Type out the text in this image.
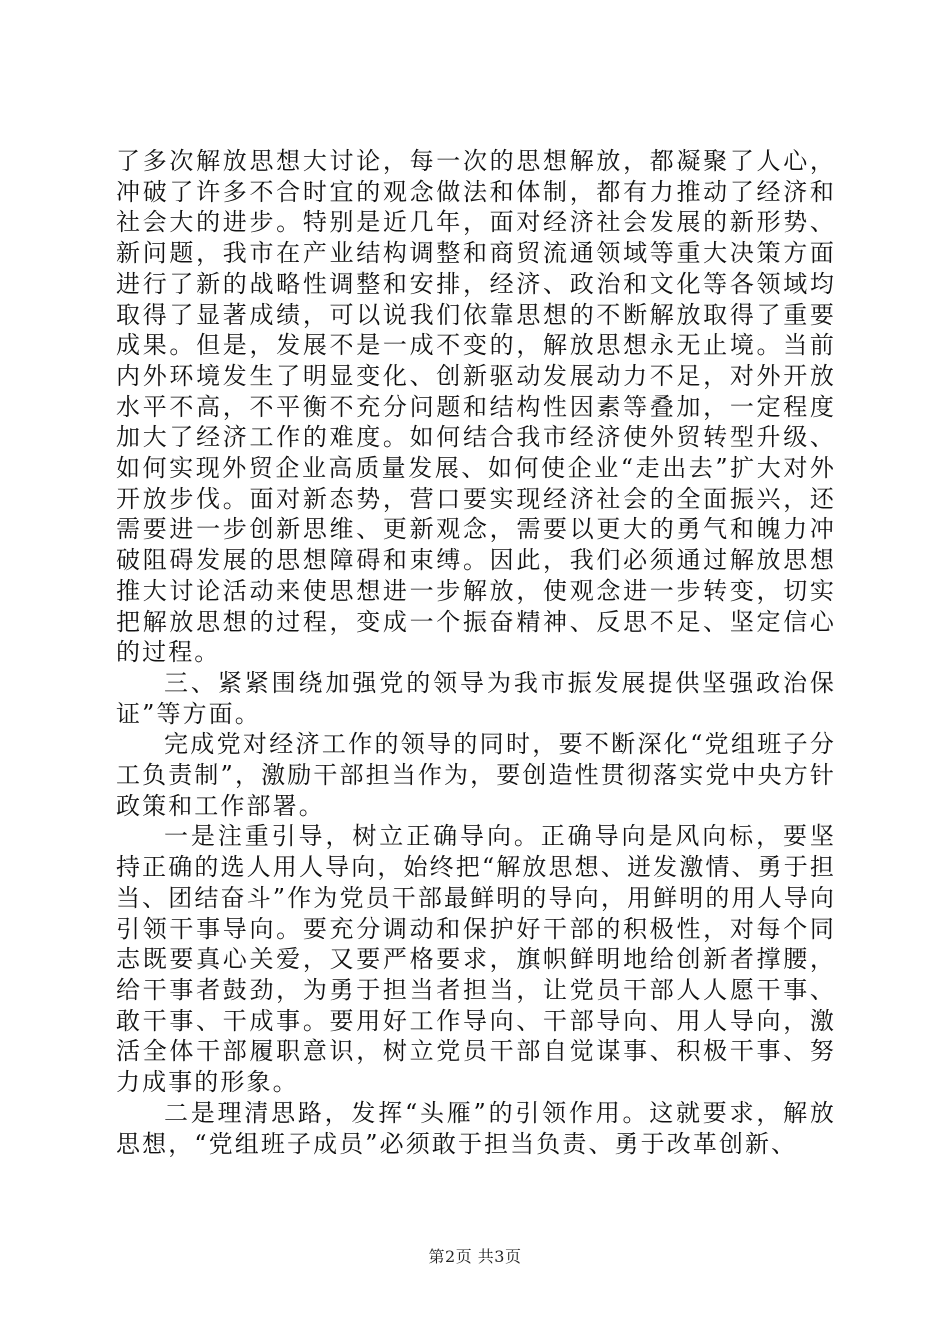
了多次解放思想大讨论，每一次的思想解放，都凝聚了人心，冲破了许多不合时宜的观念做法和体制，都有力推动了经济和社会大的进步。特别是近几年，面对经济社会发展的新形势、新问题，我市在产业结构调整和商贸流通领域等重大决策方面进行了新的战略性调整和安排，经济、政治和文化等各领域均取得了显著成绩，可以说我们依靠思想的不断解放取得了重要成果。但是，发展不是一成不变的，解放思想永无止境。当前内外环境发生了明显变化、创新驱动发展动力不足，对外开放水平不高，不平衡不充分问题和结构性因素等叠加，一定程度加大了经济工作的难度。如何结合我市经济使外贸转型升级、如何实现外贸企业高质量发展、如何使企业“走出去”扩大对外开放步伐。面对新态势，营口要实现经济社会的全面振兴，还需要进一步创新思维、更新观念，需要以更大的勇气和魄力冲破阻碍发展的思想障碍和束缚。因此，我们必须通过解放思想推大讨论活动来使思想进一步解放，使观念进一步转变，切实把解放思想的过程，变成一个振奋精神、反思不足、坚定信心的过程。

三、紧紧围绕加强党的领导为我市振发展提供坚强政治保证”等方面。

完成党对经济工作的领导的同时，要不断深化“党组班子分工负责制”，激励干部担当作为，要创造性贯彻落实党中央方针政策和工作部署。

一是注重引导，树立正确导向。正确导向是风向标，要坚持正确的选人用人导向，始终把“解放思想、迸发激情、勇于担当、团结奋斗”作为党员干部最鲜明的导向，用鲜明的用人导向引领干事导向。要充分调动和保护好干部的积极性，对每个同志既要真心关爱，又要严格要求，旗帜鲜明地给创新者撑腰，给干事者鼓劲，为勇于担当者担当，让党员干部人人愿干事、敢干事、干成事。要用好工作导向、干部导向、用人导向，激活全体干部履职意识，树立党员干部自觉谋事、积极干事、努力成事的形象。

二是理清思路，发挥“头雁”的引领作用。这就要求，解放思想，“党组班子成员”必须敢于担当负责、勇于改革创新、

第2页 共3页
